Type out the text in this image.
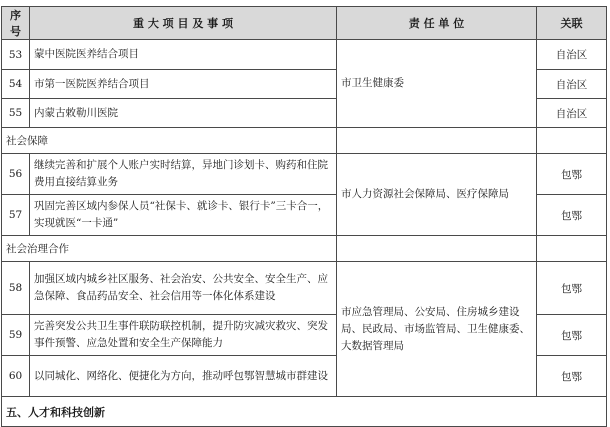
序号	重 大 项 目 及 事 项	责 任 单 位	关联
53	蒙中医院医养结合项目	市卫生健康委	自治区
54	市第一医院医养结合项目		自治区
55	内蒙古敕勒川医院		自治区
社会保障			
56	继续完善和扩展个人账户实时结算，异地门诊划卡、购药和住院费用直接结算业务	市人力资源社会保障局、医疗保障局	包鄂
57	巩固完善区域内参保人员“社保卡、就诊卡、银行卡”三卡合一，实现就医“一卡通”		包鄂
社会治理合作			
58	加强区域内城乡社区服务、社会治安、公共安全、安全生产、应急保障、食品药品安全、社会信用等一体化体系建设	市应急管理局、公安局、住房城乡建设局、民政局、市场监管局、卫生健康委、大数据管理局	包鄂
59	完善突发公共卫生事件联防联控机制，提升防灾减灾救灾、突发事件预警、应急处置和安全生产保障能力		包鄂
60	以同城化、网络化、便捷化为方向，推动呼包鄂智慧城市群建设		包鄂
五、人才和科技创新			
